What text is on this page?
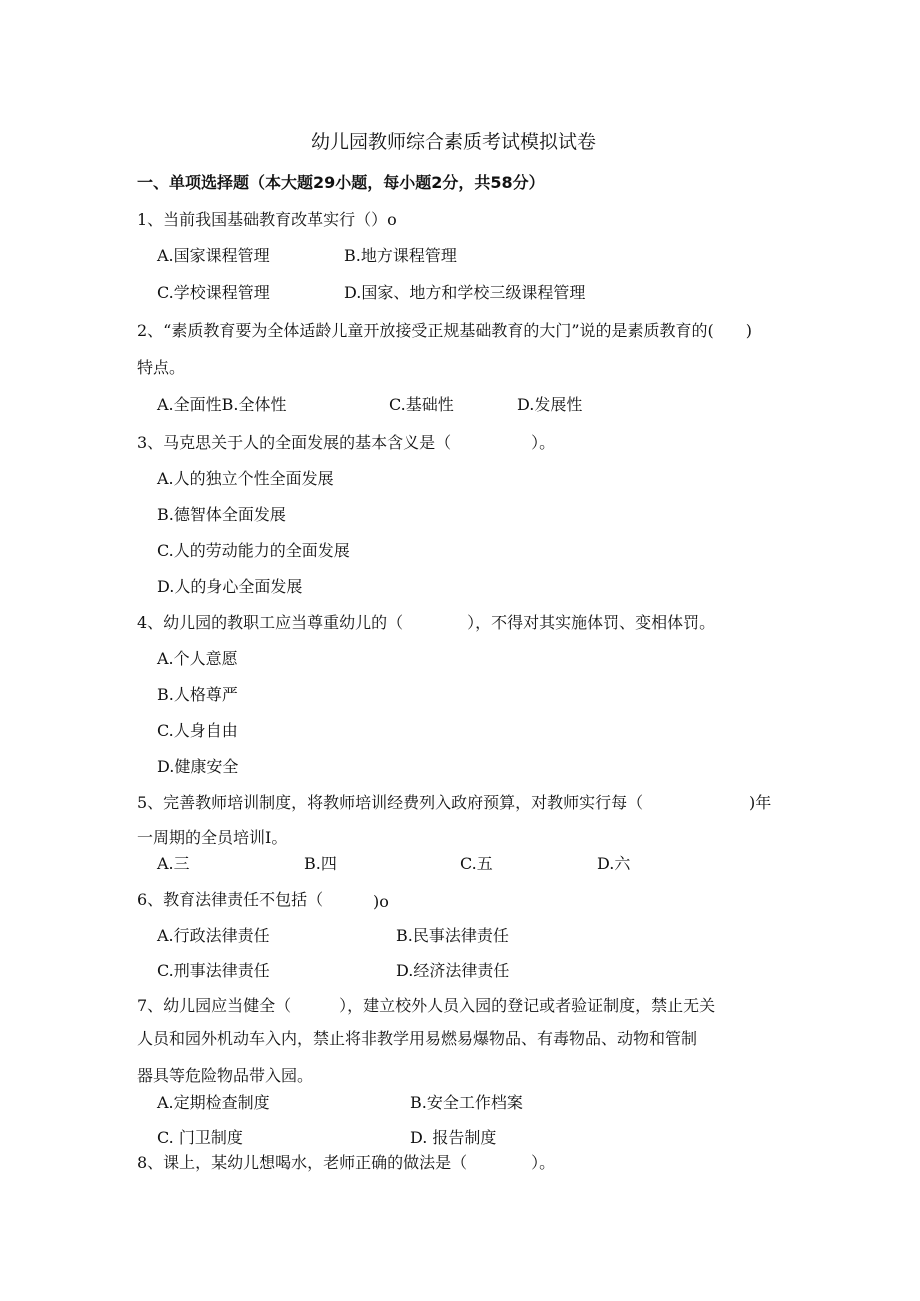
幼儿园教师综合素质考试模拟试卷
一、单项选择题（本大题29小题，每小题2分，共58分）
1、当前我国基础教育改革实行（）o
A.国家课程管理	B.地方课程管理
C.学校课程管理	D.国家、地方和学校三级课程管理
2、“素质教育要为全体适龄儿童开放接受正规基础教育的大门”说的是素质教育的(　　)
特点。
A.全面性B.全体性	C.基础性	D.发展性
3、马克思关于人的全面发展的基本含义是（　　　　　）。
A.人的独立个性全面发展
B.德智体全面发展
C.人的劳动能力的全面发展
D.人的身心全面发展
4、幼儿园的教职工应当尊重幼儿的（　　　　），不得对其实施体罚、变相体罚。
A.个人意愿
B.人格尊严
C.人身自由
D.健康安全
5、完善教师培训制度，将教师培训经费列入政府预算，对教师实行每（	)年
一周期的全员培训I。
A.三	B.四	C.五	D.六
6、教育法律责任不包括（	)o
A.行政法律责任	B.民事法律责任
C.刑事法律责任	D.经济法律责任
7、幼儿园应当健全（　　　），建立校外人员入园的登记或者验证制度，禁止无关
人员和园外机动车入内，禁止将非教学用易燃易爆物品、有毒物品、动物和管制
器具等危险物品带入园。
A.定期检查制度	B.安全工作档案
C. 门卫制度	D. 报告制度
8、课上，某幼儿想喝水，老师正确的做法是（　　　　）。
